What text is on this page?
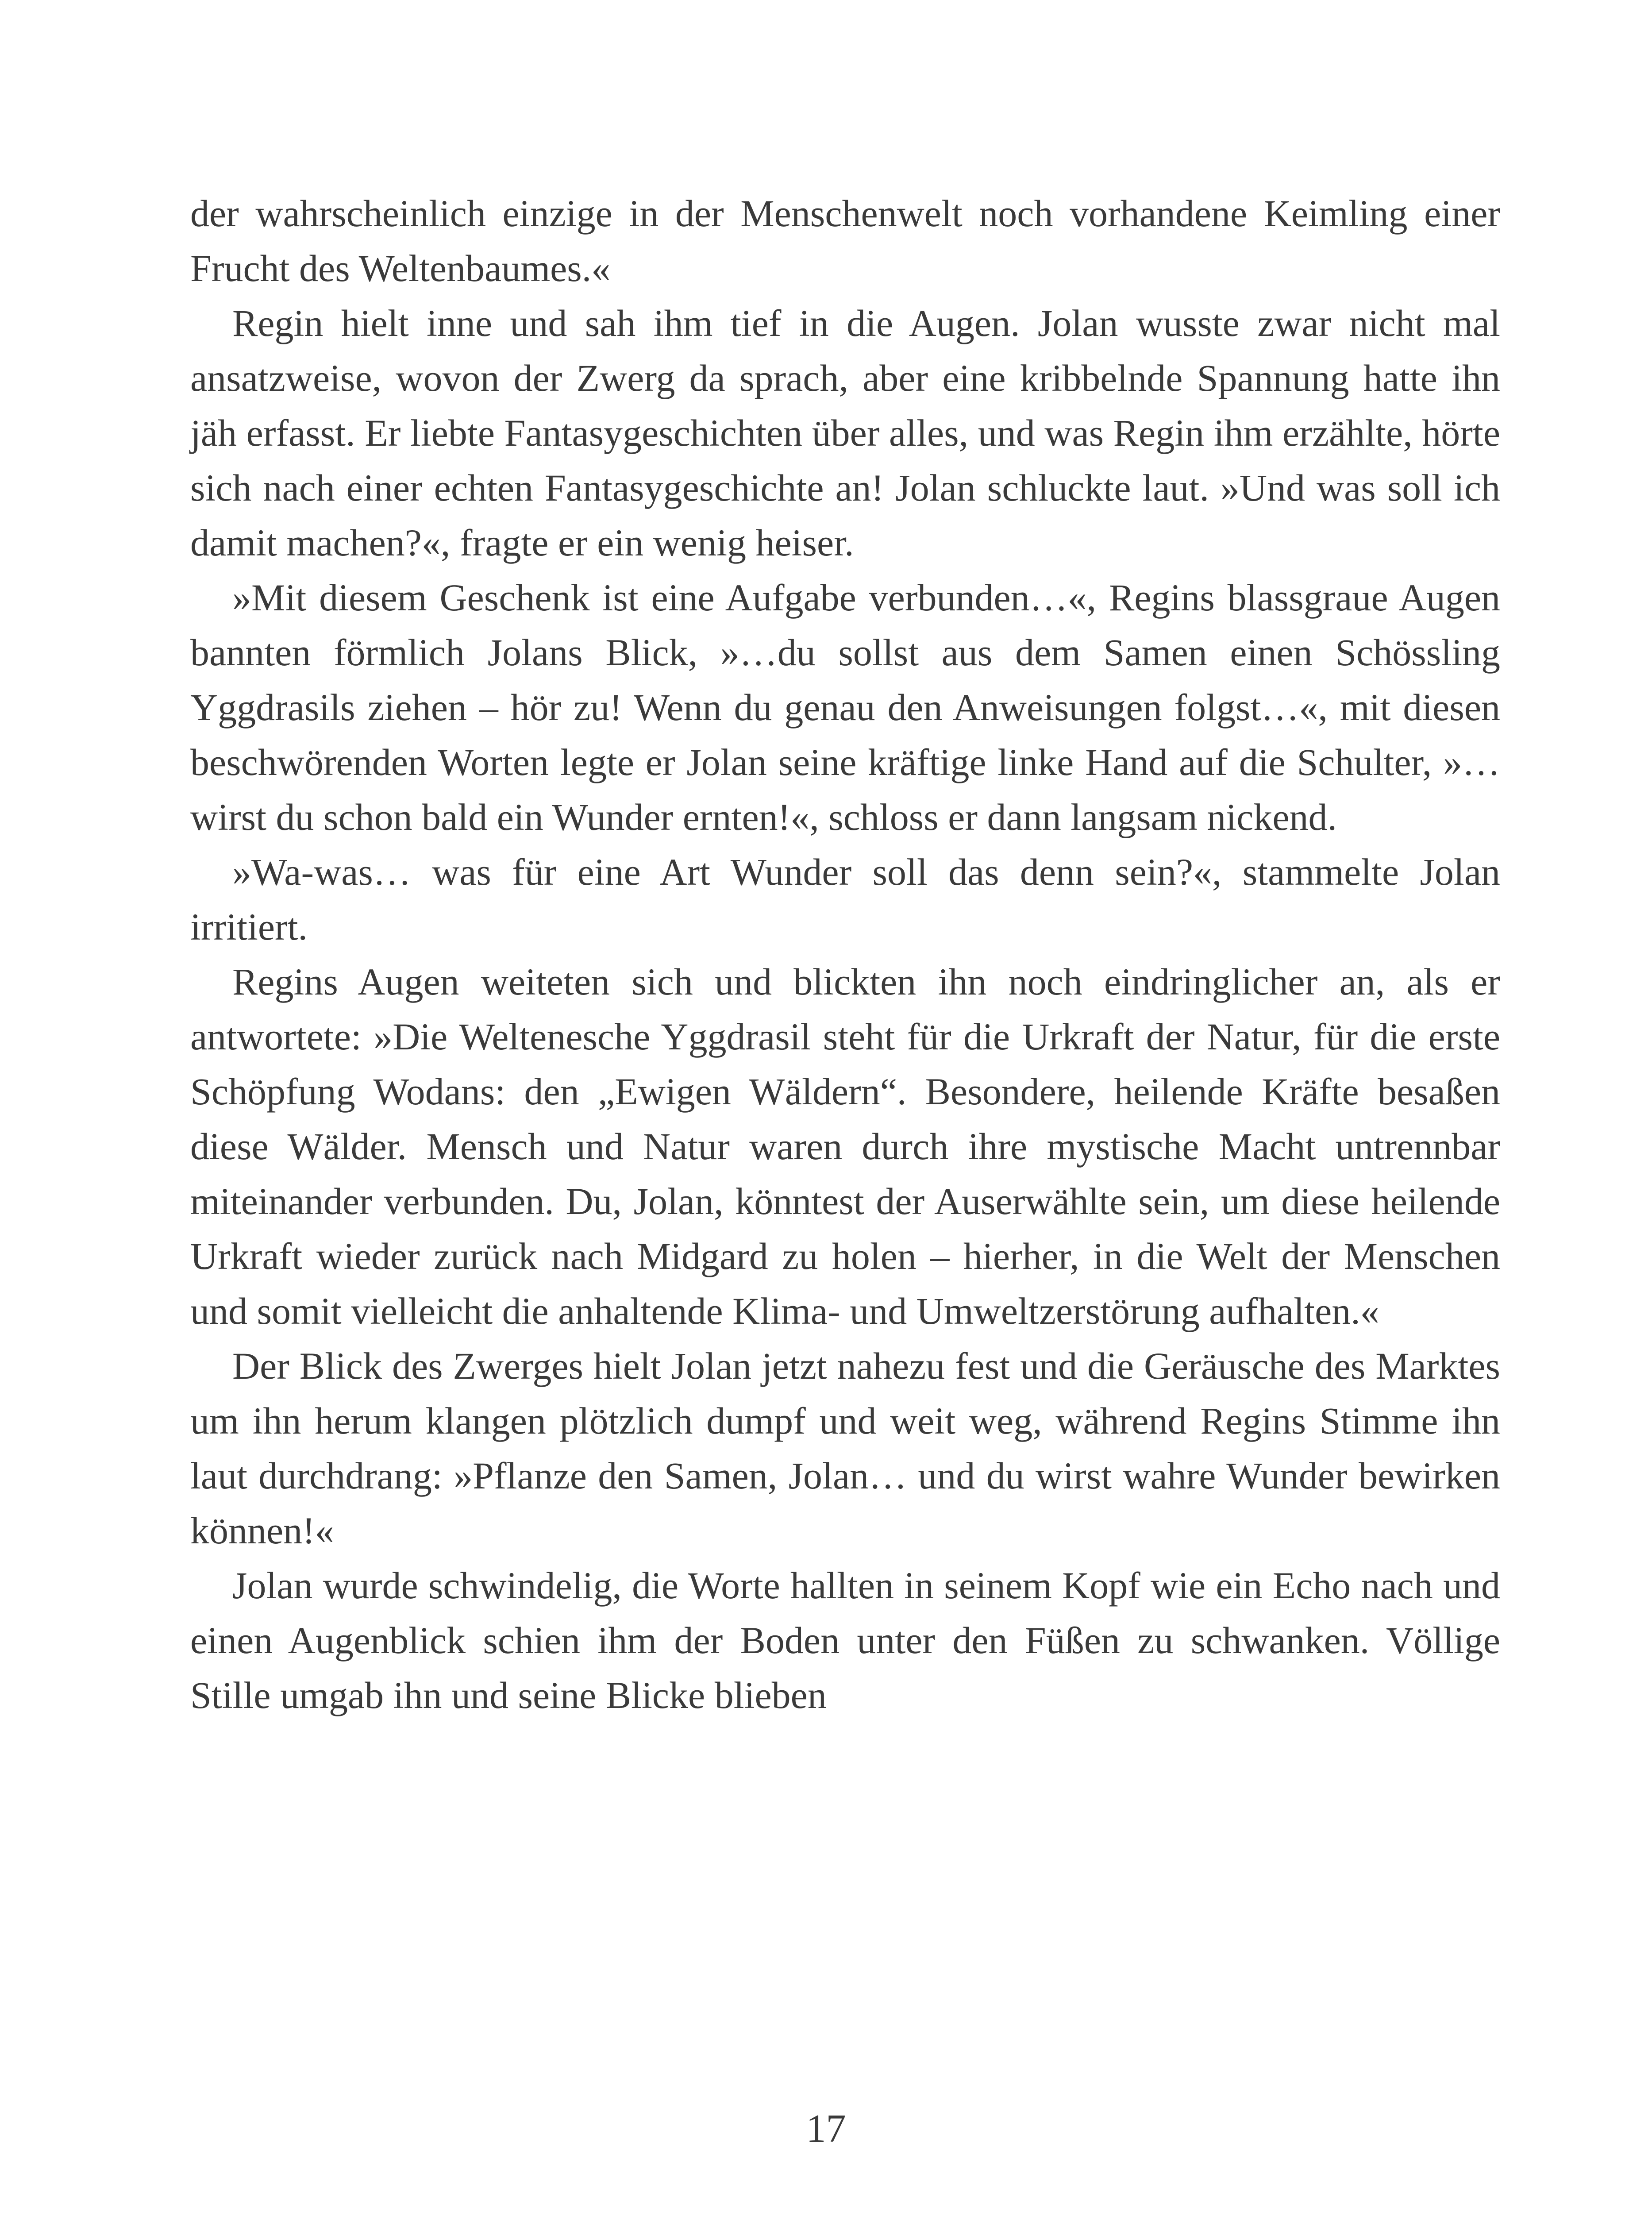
der wahrscheinlich einzige in der Menschenwelt noch vorhandene Keimling einer Frucht des Weltenbaumes.«

Regin hielt inne und sah ihm tief in die Augen. Jolan wusste zwar nicht mal ansatzweise, wovon der Zwerg da sprach, aber eine kribbelnde Spannung hatte ihn jäh erfasst. Er liebte Fantasygeschichten über alles, und was Regin ihm erzählte, hörte sich nach einer echten Fantasygeschichte an! Jolan schluckte laut. »Und was soll ich damit machen?«, fragte er ein wenig heiser.

»Mit diesem Geschenk ist eine Aufgabe verbunden…«, Regins blassgraue Augen bannten förmlich Jolans Blick, »…du sollst aus dem Samen einen Schössling Yggdrasils ziehen – hör zu! Wenn du genau den Anweisungen folgst…«, mit diesen beschwörenden Worten legte er Jolan seine kräftige linke Hand auf die Schulter, »…wirst du schon bald ein Wunder ernten!«, schloss er dann langsam nickend.

»Wa-was… was für eine Art Wunder soll das denn sein?«, stammelte Jolan irritiert.

Regins Augen weiteten sich und blickten ihn noch eindringlicher an, als er antwortete: »Die Weltenesche Yggdrasil steht für die Urkraft der Natur, für die erste Schöpfung Wodans: den „Ewigen Wäldern“. Besondere, heilende Kräfte besaßen diese Wälder. Mensch und Natur waren durch ihre mystische Macht untrennbar miteinander verbunden. Du, Jolan, könntest der Auserwählte sein, um diese heilende Urkraft wieder zurück nach Midgard zu holen – hierher, in die Welt der Menschen und somit vielleicht die anhaltende Klima- und Umweltzerstörung aufhalten.«

Der Blick des Zwerges hielt Jolan jetzt nahezu fest und die Geräusche des Marktes um ihn herum klangen plötzlich dumpf und weit weg, während Regins Stimme ihn laut durchdrang: »Pflanze den Samen, Jolan… und du wirst wahre Wunder bewirken können!«

Jolan wurde schwindelig, die Worte hallten in seinem Kopf wie ein Echo nach und einen Augenblick schien ihm der Boden unter den Füßen zu schwanken. Völlige Stille umgab ihn und seine Blicke blieben

17
